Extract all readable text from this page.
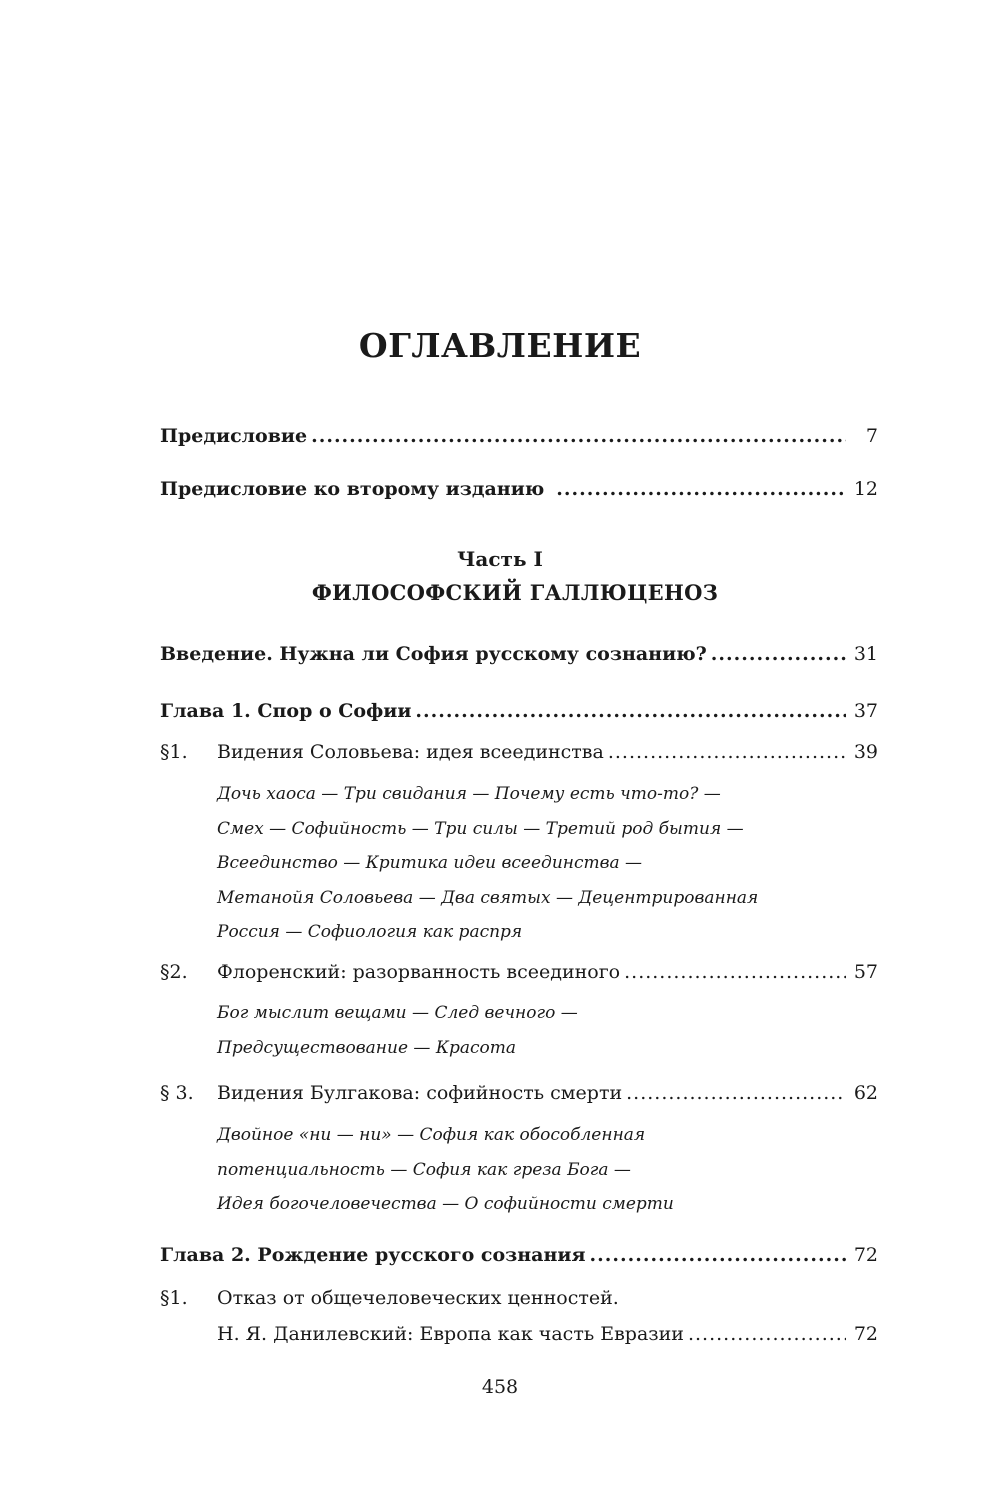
ОГЛАВЛЕНИЕ
Предисловие .....	7
Предисловие ко второму изданию .....	12
Часть I
ФИЛОСОФСКИЙ ГАЛЛЮЦЕНОЗ
Введение. Нужна ли София русскому сознанию? .....	31
Глава 1. Спор о Софии .....	37
§1. Видения Соловьева: идея всеединства .....	39
Дочь хаоса — Три свидания — Почему есть что-то? —
Смех — Софийность — Три силы — Третий род бытия —
Всеединство — Критика идеи всеединства —
Метанойя Соловьева — Два святых — Децентрированная
Россия — Софиология как распря
§2. Флоренский: разорванность всеединого .....	57
Бог мыслит вещами — След вечного —
Предсуществование — Красота
§ 3. Видения Булгакова: софийность смерти .....	62
Двойное «ни — ни» — София как обособленная
потенциальность — София как греза Бога —
Идея богочеловечества — О софийности смерти
Глава 2. Рождение русского сознания .....	72
§1. Отказ от общечеловеческих ценностей.
Н. Я. Данилевский: Европа как часть Евразии .....	72
458
